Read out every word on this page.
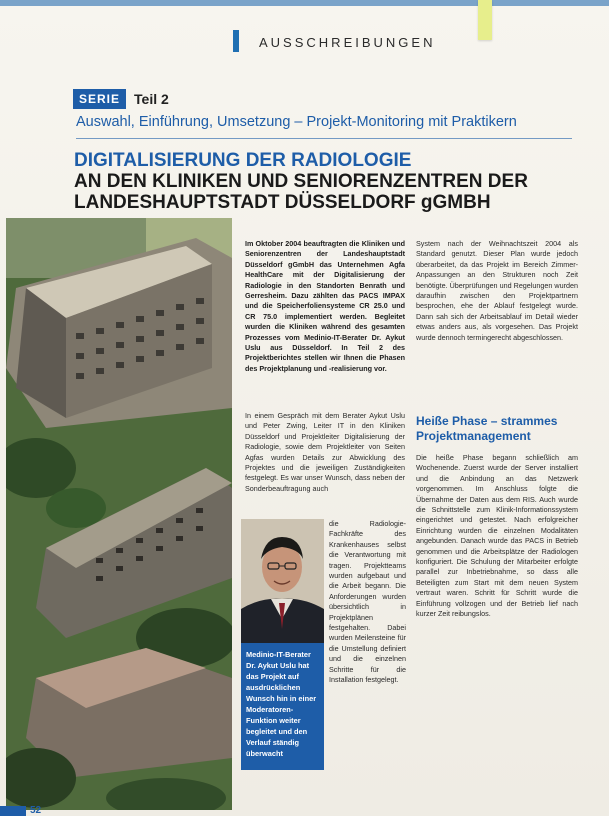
AUSSCHREIBUNGEN
SERIE	Teil 2
Auswahl, Einführung, Umsetzung – Projekt-Monitoring mit Praktikern
DIGITALISIERUNG DER RADIOLOGIE
AN DEN KLINIKEN UND SENIORENZENTREN DER
LANDESHAUPTSTADT DÜSSELDORF gGMBH

Im Oktober 2004 beauftragten die Kliniken und Seniorenzentren der Landeshauptstadt Düsseldorf gGmbH das Unternehmen Agfa HealthCare mit der Digitalisierung der Radiologie in den Standorten Benrath und Gerresheim. Dazu zählten das PACS IMPAX und die Speicherfoliensysteme CR 25.0 und CR 75.0 implementiert werden. Begleitet wurden die Kliniken während des gesamten Prozesses vom Medinio-IT-Berater Dr. Aykut Uslu aus Düsseldorf. In Teil 2 des Projektberichtes stellen wir Ihnen die Phasen des Projektplanung und -realisierung vor.

In einem Gespräch mit dem Berater Aykut Uslu und Peter Zwing, Leiter IT in den Kliniken Düsseldorf und Projektleiter Digitalisierung der Radiologie, sowie dem Projektleiter von Seiten Agfas wurden Details zur Abwicklung des Projektes und die jeweiligen Zuständigkeiten festgelegt. Es war unser Wunsch, dass neben der Sonderbeauftragung auch

Medinio-IT-Berater Dr. Aykut Uslu hat das Projekt auf ausdrücklichen Wunsch hin in einer Moderatoren-Funktion weiter begleitet und den Verlauf ständig überwacht

die Radiologie-Fachkräfte des Krankenhauses selbst die Verantwortung mit tragen. Projektteams wurden aufgebaut und die Arbeit begann. Die Anforderungen wurden übersichtlich in Projektplänen festgehalten. Dabei wurden Meilensteine für die Umstellung definiert und die einzelnen Schritte für die Installation festgelegt.

System nach der Weihnachtszeit 2004 als Standard genutzt. Dieser Plan wurde jedoch überarbeitet, da das Projekt im Bereich Zimmer-Anpassungen an den Strukturen noch Zeit benötigte. Überprüfungen und Regelungen wurden daraufhin zwischen den Projektpartnern besprochen, ehe der Ablauf festgelegt wurde. Dann sah sich der Arbeitsablauf im Detail wieder etwas anders aus, als vorgesehen. Das Projekt wurde dennoch termingerecht abgeschlossen.

Heiße Phase – strammes Projektmanagement

Die heiße Phase begann schließlich am Wochenende. Zuerst wurde der Server installiert und die Anbindung an das Netzwerk vorgenommen. Im Anschluss folgte die Übernahme der Daten aus dem RIS. Auch wurde die Schnittstelle zum Klinik-Informationssystem eingerichtet und getestet. Nach erfolgreicher Einrichtung wurden die einzelnen Modalitäten angebunden. Danach wurde das PACS in Betrieb genommen und die Arbeitsplätze der Radiologen konfiguriert. Die Schulung der Mitarbeiter erfolgte parallel zur Inbetriebnahme, so dass alle Beteiligten zum Start mit dem neuen System vertraut waren. Schritt für Schritt wurde die Einführung vollzogen und der Betrieb lief nach kurzer Zeit reibungslos.

52
